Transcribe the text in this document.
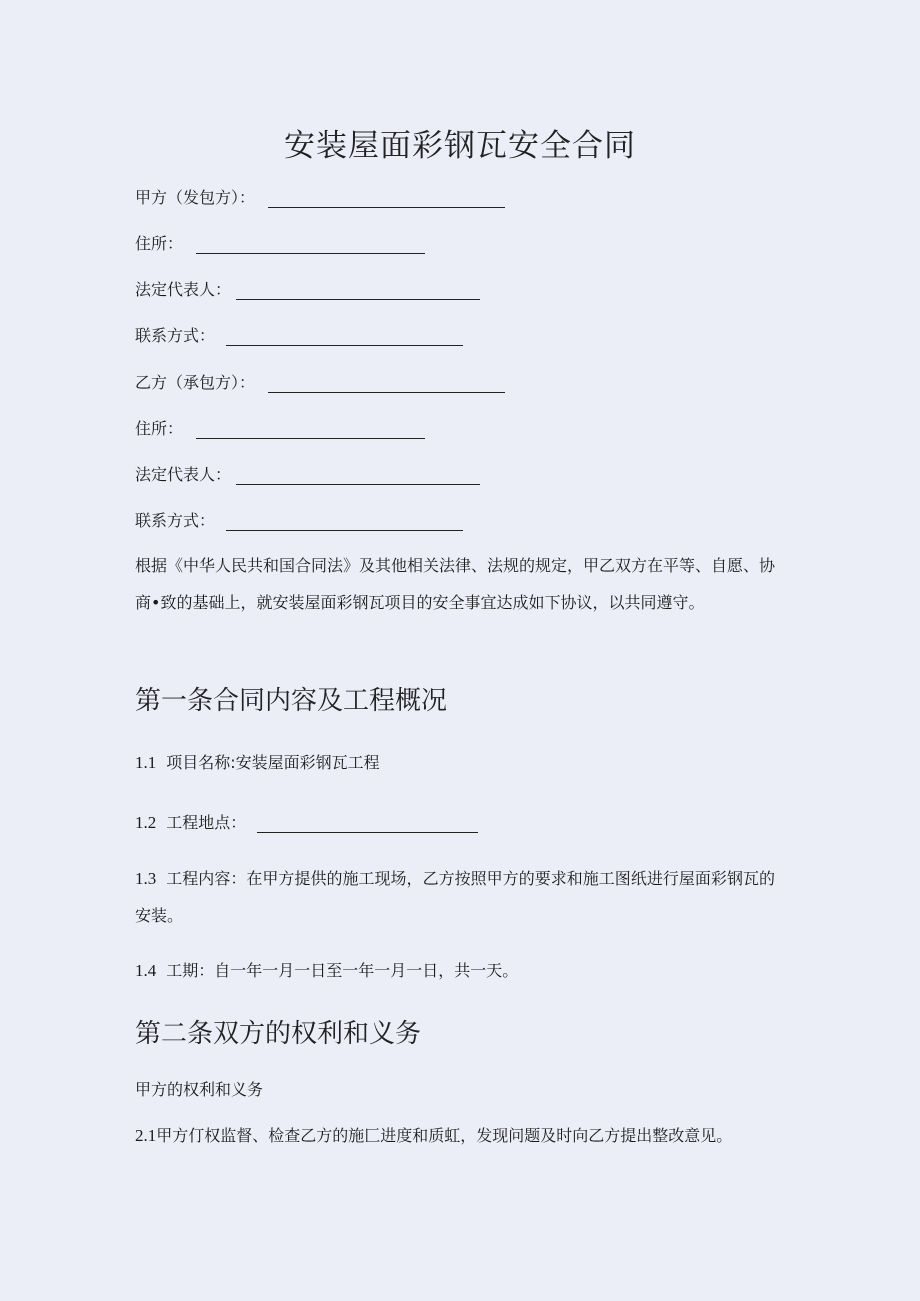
安装屋面彩钢瓦安全合同
甲方（发包方）：
住所：
法定代表人：
联系方式：
乙方（承包方）：
住所：
法定代表人：
联系方式：
根据《中华人民共和国合同法》及其他相关法律、法规的规定，甲乙双方在平等、自愿、协商•致的基础上，就安装屋面彩钢瓦项目的安全事宜达成如下协议，以共同遵守。
第一条合同内容及工程概况
1.1 项目名称:安装屋面彩钢瓦工程
1.2 工程地点：
1.3 工程内容：在甲方提供的施工现场，乙方按照甲方的要求和施工图纸进行屋面彩钢瓦的安装。
1.4 工期：自一年一月一日至一年一月一日，共一天。
第二条双方的权利和义务
甲方的权利和义务
2.1甲方仃权监督、检查乙方的施匚进度和质虹，发现问题及时向乙方提出整改意见。
